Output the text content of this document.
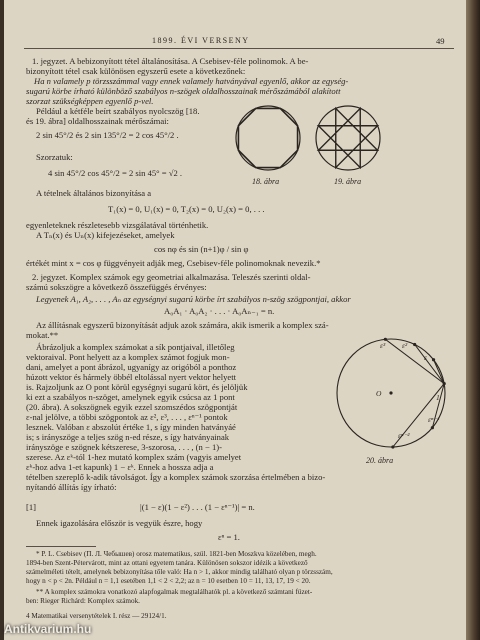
1899. ÉVI VERSENY	49
1. jegyzet. A bebizonyított tétel általánosítása. A Csebisev-féle polinomok. A be-
bizonyított tétel csak különösen egyszerű esete a következőnek:
Ha n valamely p törzsszámmal vagy ennek valamely hatványával egyenlő, akkor az egység-
sugarú körbe írható különböző szabályos n-szögek oldalhosszainak mérőszámából alakított
szorzat szükségképpen egyenlő p-vel.
Például a kétféle beírt szabályos nyolcszög [18.
és 19. ábra] oldalhosszainak mérőszámai:
2 sin 45°/2 és 2 sin 135°/2 = 2 cos 45°/2 .
Szorzatuk:
4 sin 45°/2 cos 45°/2 = 2 sin 45° = √2 .
A tételnek általános bizonyítása a
T₁(x) = 0, U₁(x) = 0, T₂(x) = 0, U₂(x) = 0, . . .
egyenleteknek részletesebb vizsgálatával történhetik.
A Tₙ(x) és Uₙ(x) kifejezéseket, amelyek
cos nφ és sin (n+1)φ / sin φ
értékét mint x = cos φ függvényeit adják meg, Csebisev-féle polinomoknak nevezik.*
18. ábra	19. ábra
2. jegyzet. Komplex számok egy geometriai alkalmazása. Teleszés szerinti oldal-
számú sokszögre a következő összefüggés érvényes:
Legyenek A₁, A₂, . . . , Aₙ az egységnyi sugarú körbe írt szabályos n-szög szögpontjai, akkor
A₀A₁ · A₀A₂ · . . . · A₀Aₙ₋₁ = n.
Az állításnak egyszerű bizonyítását adjuk azok számára, akik ismerik a komplex szá-
mokat.**
Ábrázoljuk a komplex számokat a sík pontjaival, illetőleg
vektoraival. Pont helyett az a komplex számot fogjuk mon-
dani, amelyet a pont ábrázol, ugyanígy az origóból a ponthoz
húzott vektor és hármely öbbél eltolással nyert vektor helyett
is. Rajzoljunk az O pont körül egységnyi sugarú kört, és jelöljük
ki ezt a szabályos n-szöget, amelynek egyik csúcsa az 1 pont
(20. ábra). A sokszögnek egyik ezzel szomszédos szögpontját
ε-nal jelölve, a többi szögpontok az ε², ε³, . . . , εⁿ⁻¹ pontok
lesznek. Valóban ε abszolút értéke 1, s így minden hatványáé
is; s irányszöge a teljes szög n-ed része, s így hatványainak
irányszöge e szögnek kétszerese, 3-szorosa, . . . , (n − 1)-
szerese. Az εᵏ-tól 1-hez mutató komplex szám (vagyis amelyet
εᵏ-hoz adva 1-et kapunk) 1 − εᵏ. Ennek a hossza adja a
tételben szereplő k-adik távolságot. Így a komplex számok szorzása értelmében a bizo-
nyítandó állítás így írható:
O	1
ε
ε²
ε³
εⁿ⁻²
εⁿ⁻¹
20. ábra
[1]	|(1 − ε)(1 − ε²) . . . (1 − εⁿ⁻¹)| = n.
Ennek igazolására először is vegyük észre, hogy
εⁿ = 1.
* P. L. Csebisev (П. Л. Чебышев) orosz matematikus, szül. 1821-ben Moszkva közelében, megh.
1894-ben Szent-Pétervárott, mint az ottani egyetem tanára. Különösen sokszor idézik a következő
számelméleti tételt, amelynek bebizonyítása tőle való: Ha n > 1, akkor mindig található olyan p törzsszám,
hogy n < p < 2n. Például n = 1,1 esetében 1,1 < 2 < 2,2; az n = 10 esetben 10 = 11, 13, 17, 19 < 20.
** A komplex számokra vonatkozó alapfogalmak megtalálhatók pl. a következő számtani füzet-
ben: Rieger Richárd: Komplex számok.
4 Matematikai versenytételek I. rész — 29124/1.
Antikvarium.hu
